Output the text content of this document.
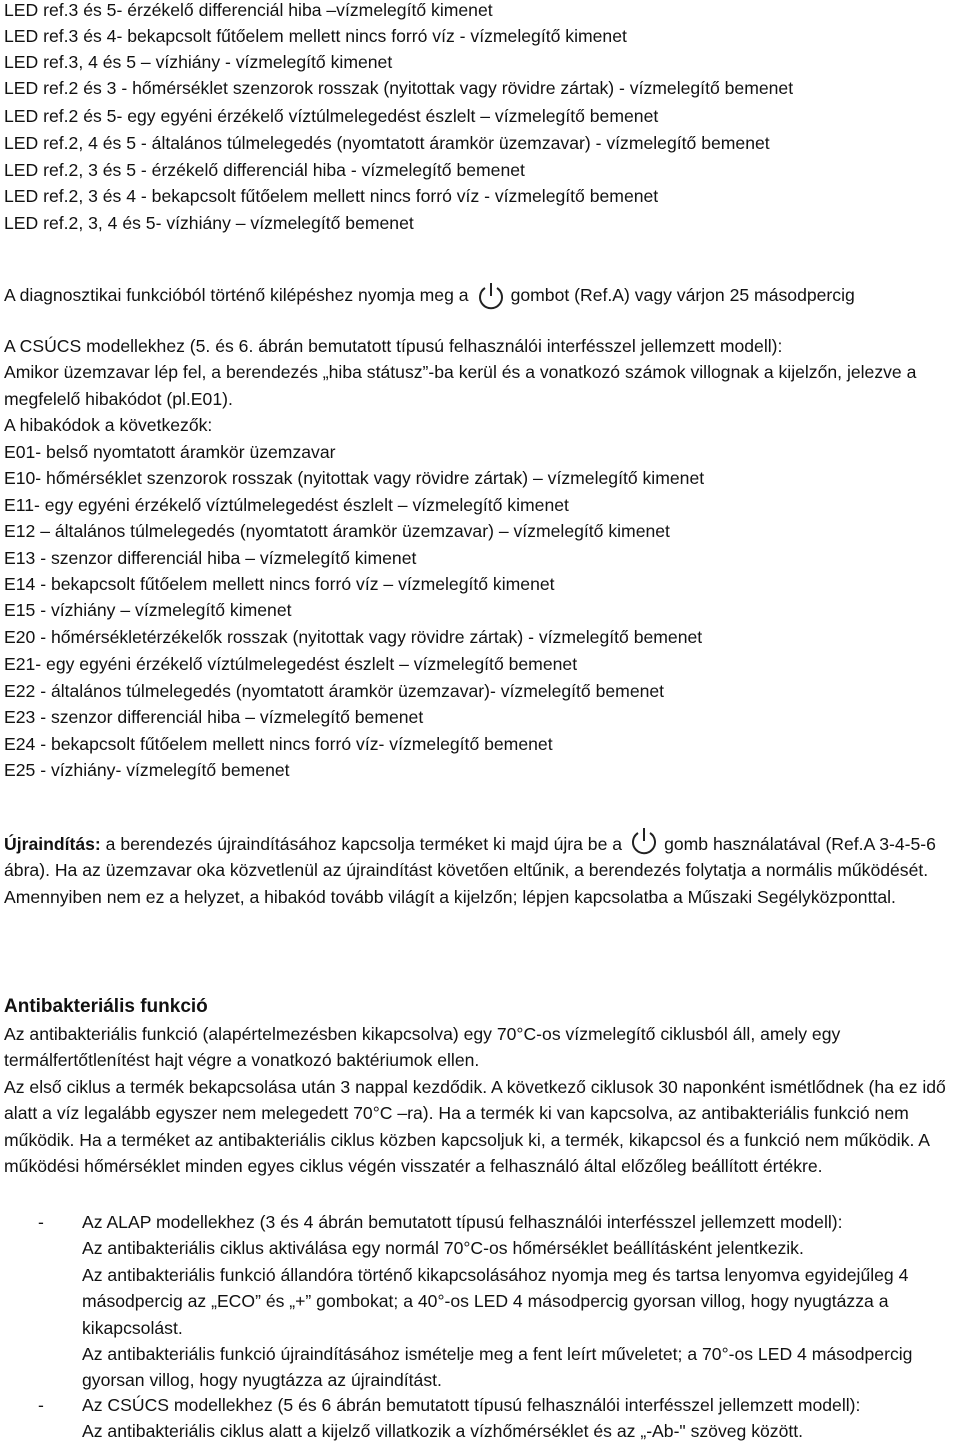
LED ref.3 és 5- érzékelő differenciál hiba –vízmelegítő kimenet
LED ref.3 és 4- bekapcsolt fűtőelem mellett nincs forró víz - vízmelegítő kimenet
LED ref.3, 4 és 5 – vízhiány - vízmelegítő kimenet
LED ref.2 és 3 - hőmérséklet szenzorok rosszak (nyitottak vagy rövidre zártak) - vízmelegítő bemenet
LED ref.2 és 5- egy egyéni érzékelő víztúlmelegedést észlelt – vízmelegítő bemenet
LED ref.2, 4 és 5 - általános túlmelegedés (nyomtatott áramkör üzemzavar) - vízmelegítő bemenet
LED ref.2, 3 és 5 - érzékelő differenciál hiba - vízmelegítő bemenet
LED ref.2, 3 és 4 - bekapcsolt fűtőelem mellett nincs forró víz - vízmelegítő bemenet
LED ref.2, 3, 4 és 5- vízhiány – vízmelegítő bemenet
A diagnosztikai funkcióból történő kilépéshez nyomja meg a gombot (Ref.A) vagy várjon 25 másodpercig

A CSÚCS modellekhez (5. és 6. ábrán bemutatott típusú felhasználói interfésszel jellemzett modell):

Amikor üzemzavar lép fel, a berendezés „hiba státusz”-ba kerül és a vonatkozó számok villognak a kijelzőn, jelezve a megfelelő hibakódot (pl.E01).

A hibakódok a következők:

E01- belső nyomtatott áramkör üzemzavar
E10- hőmérséklet szenzorok rosszak (nyitottak vagy rövidre zártak) – vízmelegítő kimenet
E11- egy egyéni érzékelő víztúlmelegedést észlelt – vízmelegítő kimenet
E12 – általános túlmelegedés (nyomtatott áramkör üzemzavar) – vízmelegítő kimenet
E13 - szenzor differenciál hiba – vízmelegítő kimenet
E14 - bekapcsolt fűtőelem mellett nincs forró víz – vízmelegítő kimenet
E15 - vízhiány – vízmelegítő kimenet
E20 - hőmérsékletérzékelők rosszak (nyitottak vagy rövidre zártak) - vízmelegítő bemenet
E21- egy egyéni érzékelő víztúlmelegedést észlelt – vízmelegítő bemenet
E22 - általános túlmelegedés (nyomtatott áramkör üzemzavar)- vízmelegítő bemenet
E23 - szenzor differenciál hiba – vízmelegítő bemenet
E24 - bekapcsolt fűtőelem mellett nincs forró víz- vízmelegítő bemenet
E25 - vízhiány- vízmelegítő bemenet

Újraindítás: a berendezés újraindításához kapcsolja terméket ki majd újra be a gomb használatával (Ref.A 3-4-5-6 ábra). Ha az üzemzavar oka közvetlenül az újraindítást követően eltűnik, a berendezés folytatja a normális működését. Amennyiben nem ez a helyzet, a hibakód tovább világít a kijelzőn; lépjen kapcsolatba a Műszaki Segélyközponttal.

Antibakteriális funkció

Az antibakteriális funkció (alapértelmezésben kikapcsolva) egy 70°C-os vízmelegítő ciklusból áll, amely egy termálfertőtlenítést hajt végre a vonatkozó baktériumok ellen.

Az első ciklus a termék bekapcsolása után 3 nappal kezdődik. A következő ciklusok 30 naponként ismétlődnek (ha ez idő alatt a víz legalább egyszer nem melegedett 70°C –ra). Ha a termék ki van kapcsolva, az antibakteriális funkció nem működik. Ha a terméket az antibakteriális ciklus közben kapcsoljuk ki, a termék, kikapcsol és a funkció nem működik. A működési hőmérséklet minden egyes ciklus végén visszatér a felhasználó által előzőleg beállított értékre.

- Az ALAP modellekhez (3 és 4 ábrán bemutatott típusú felhasználói interfésszel jellemzett modell):

Az antibakteriális ciklus aktiválása egy normál 70°C-os hőmérséklet beállításként jelentkezik.

Az antibakteriális funkció állandóra történő kikapcsolásához nyomja meg és tartsa lenyomva egyidejűleg 4 másodpercig az „ECO” és „+” gombokat; a 40°-os LED 4 másodpercig gyorsan villog, hogy nyugtázza a kikapcsolást.

Az antibakteriális funkció újraindításához ismételje meg a fent leírt műveletet; a 70°-os LED 4 másodpercig gyorsan villog, hogy nyugtázza az újraindítást.

- Az CSÚCS modellekhez (5 és 6 ábrán bemutatott típusú felhasználói interfésszel jellemzett modell):

Az antibakteriális ciklus alatt a kijelző villatkozik a vízhőmérséklet és az „-Ab-" szöveg között.
